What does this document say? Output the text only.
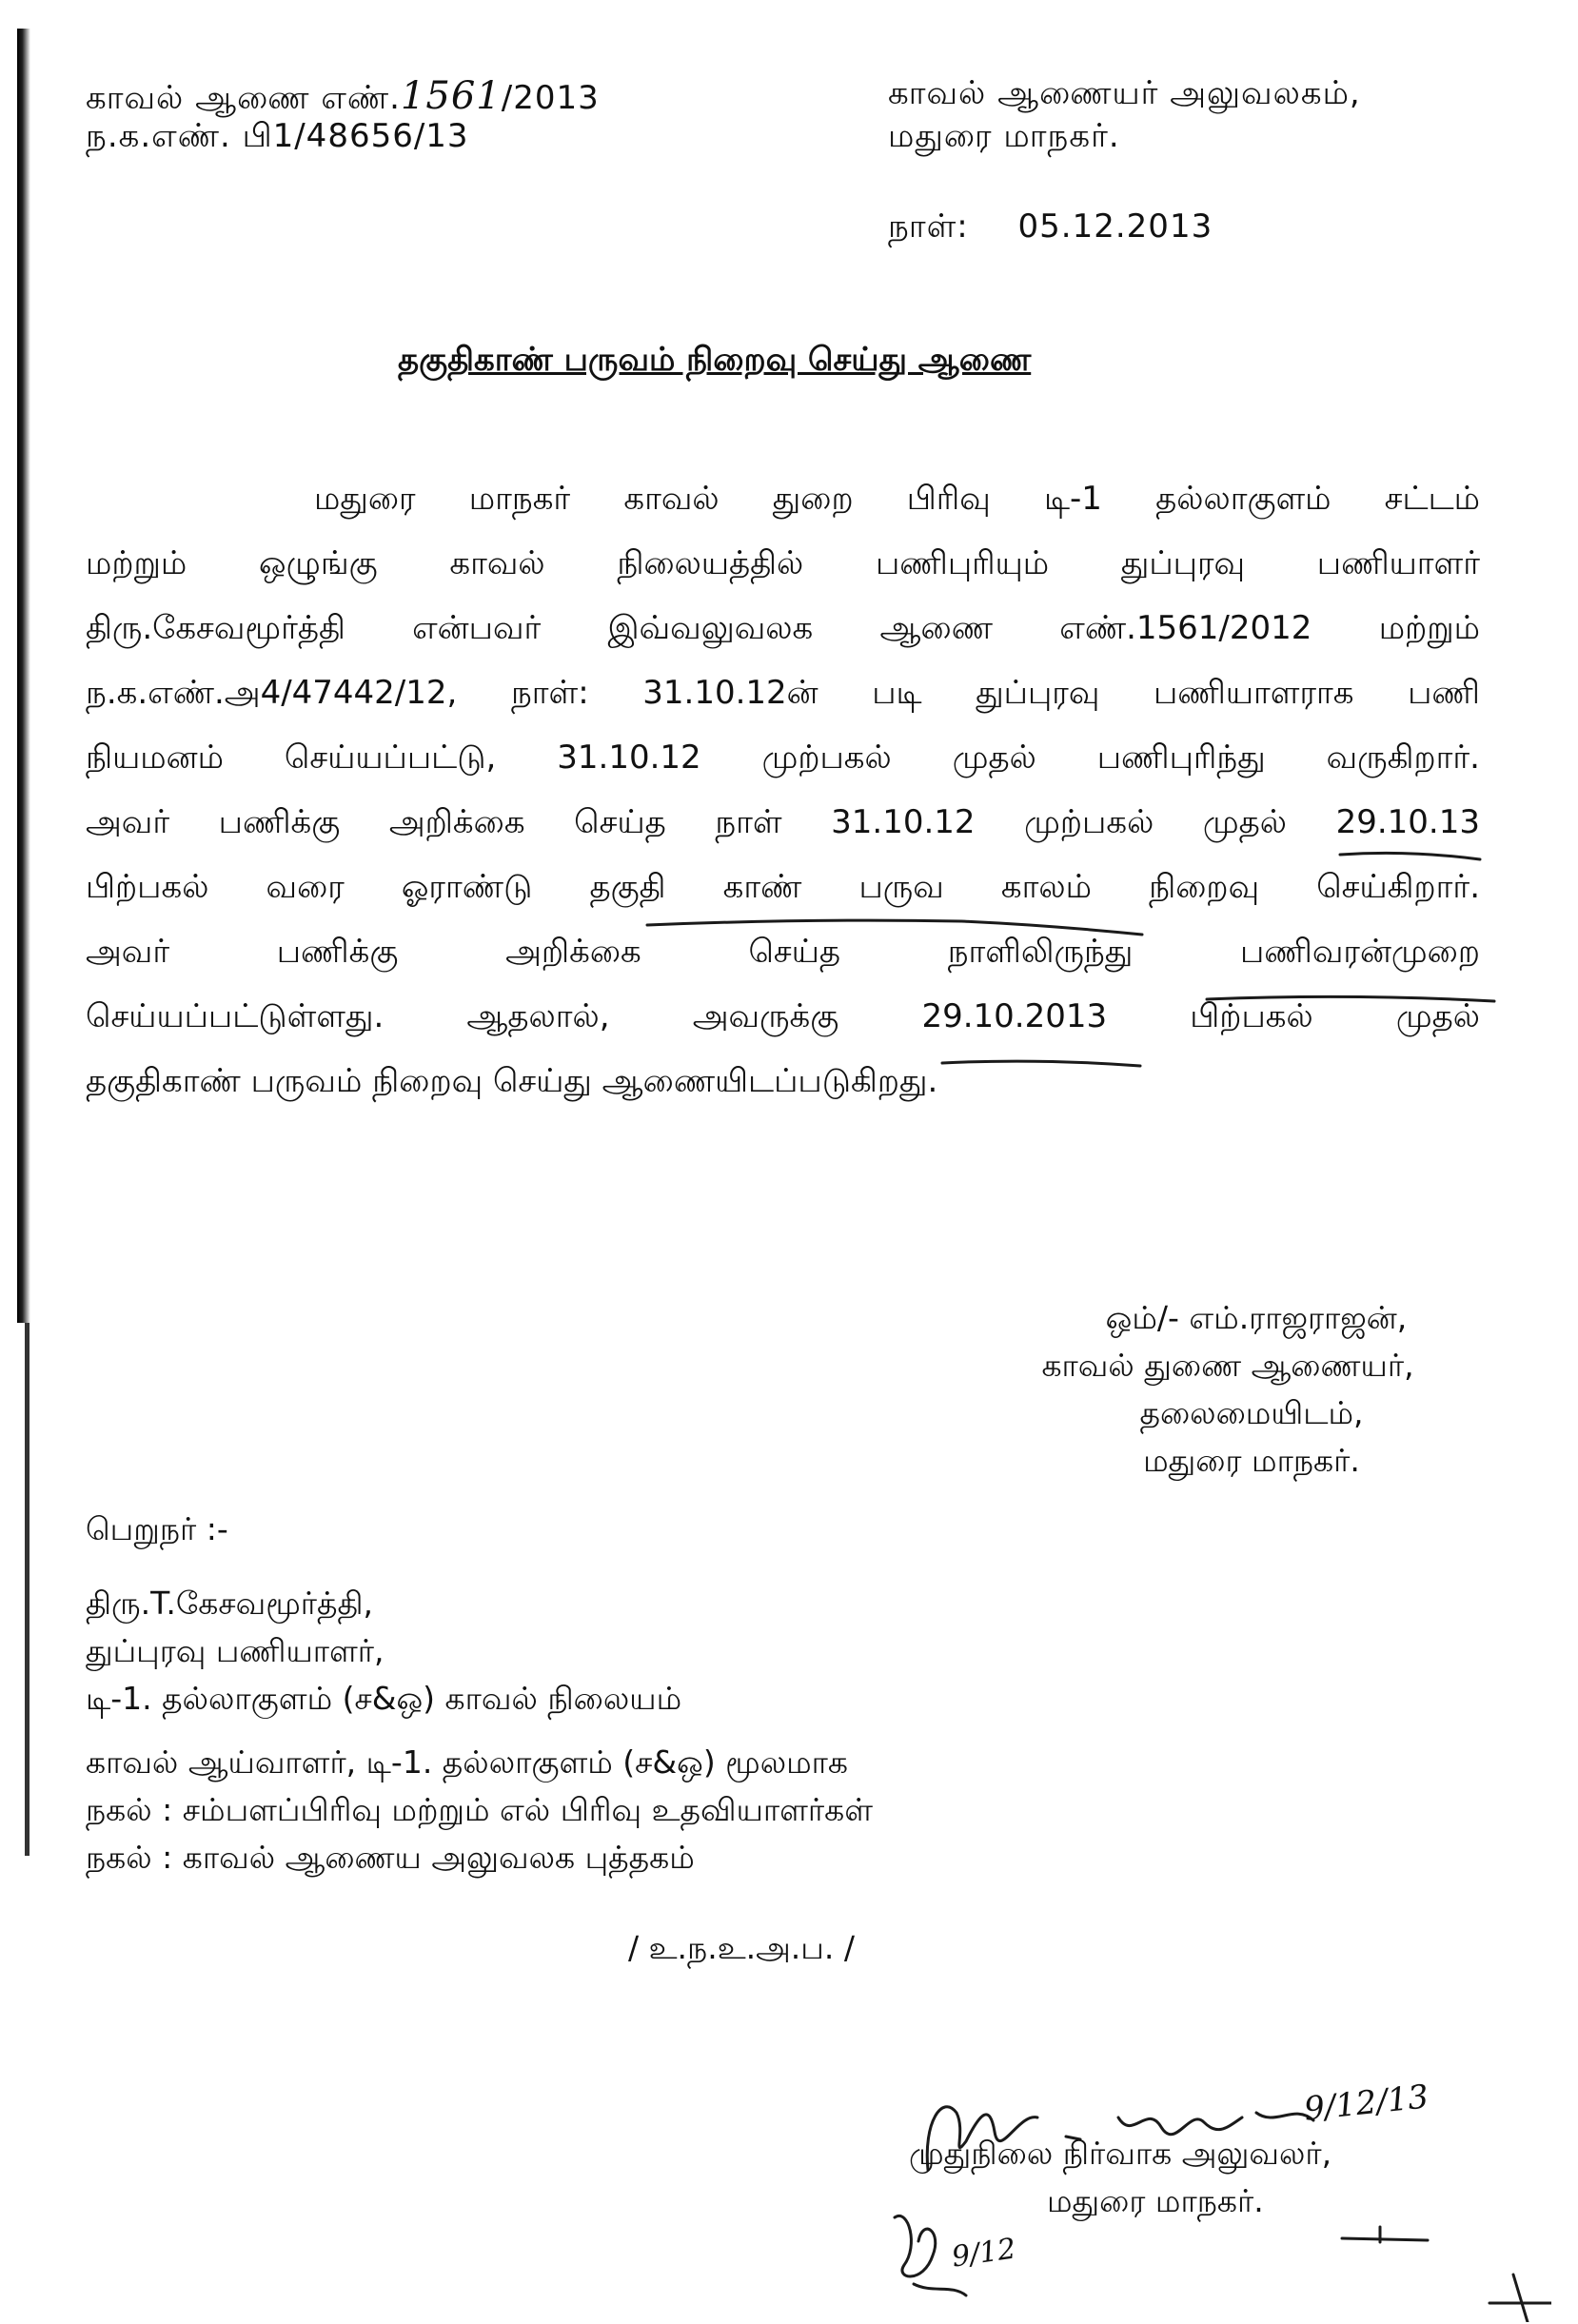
காவல் ஆணை எண்.1561/2013
ந.க.எண். பி1/48656/13
காவல் ஆணையர் அலுவலகம்,
மதுரை மாநகர்.
நாள்: 05.12.2013
தகுதிகாண் பருவம் நிறைவு செய்து ஆணை
மதுரை மாநகர் காவல் துறை பிரிவு டி-1 தல்லாகுளம் சட்டம்
மற்றும் ஒழுங்கு காவல் நிலையத்தில் பணிபுரியும் துப்புரவு பணியாளர்
திரு.கேசவமூர்த்தி என்பவர் இவ்வலுவலக ஆணை எண்.1561/2012 மற்றும்
ந.க.எண்.அ4/47442/12, நாள்: 31.10.12ன் படி துப்புரவு பணியாளராக பணி
நியமனம் செய்யப்பட்டு, 31.10.12 முற்பகல் முதல் பணிபுரிந்து வருகிறார்.
அவர் பணிக்கு அறிக்கை செய்த நாள் 31.10.12 முற்பகல் முதல் 29.10.13
பிற்பகல் வரை ஓராண்டு தகுதி காண் பருவ காலம் நிறைவு செய்கிறார்.
அவர் பணிக்கு அறிக்கை செய்த நாளிலிருந்து பணிவரன்முறை
செய்யப்பட்டுள்ளது. ஆதலால், அவருக்கு 29.10.2013 பிற்பகல் முதல்
தகுதிகாண் பருவம் நிறைவு செய்து ஆணையிடப்படுகிறது.
ஒம்/- எம்.ராஜராஜன்,
காவல் துணை ஆணையர்,
தலைமையிடம்,
மதுரை மாநகர்.
பெறுநர் :-
திரு.T.கேசவமூர்த்தி,
துப்புரவு பணியாளர்,
டி-1. தல்லாகுளம் (ச&ஒ) காவல் நிலையம்
காவல் ஆய்வாளர், டி-1. தல்லாகுளம் (ச&ஒ) மூலமாக
நகல் : சம்பளப்பிரிவு மற்றும் எல் பிரிவு உதவியாளர்கள்
நகல் : காவல் ஆணைய அலுவலக புத்தகம்
/ உ.ந.உ.அ.ப. /
9/12/13
முதுநிலை நிர்வாக அலுவலர்,
மதுரை மாநகர்.
9/12
